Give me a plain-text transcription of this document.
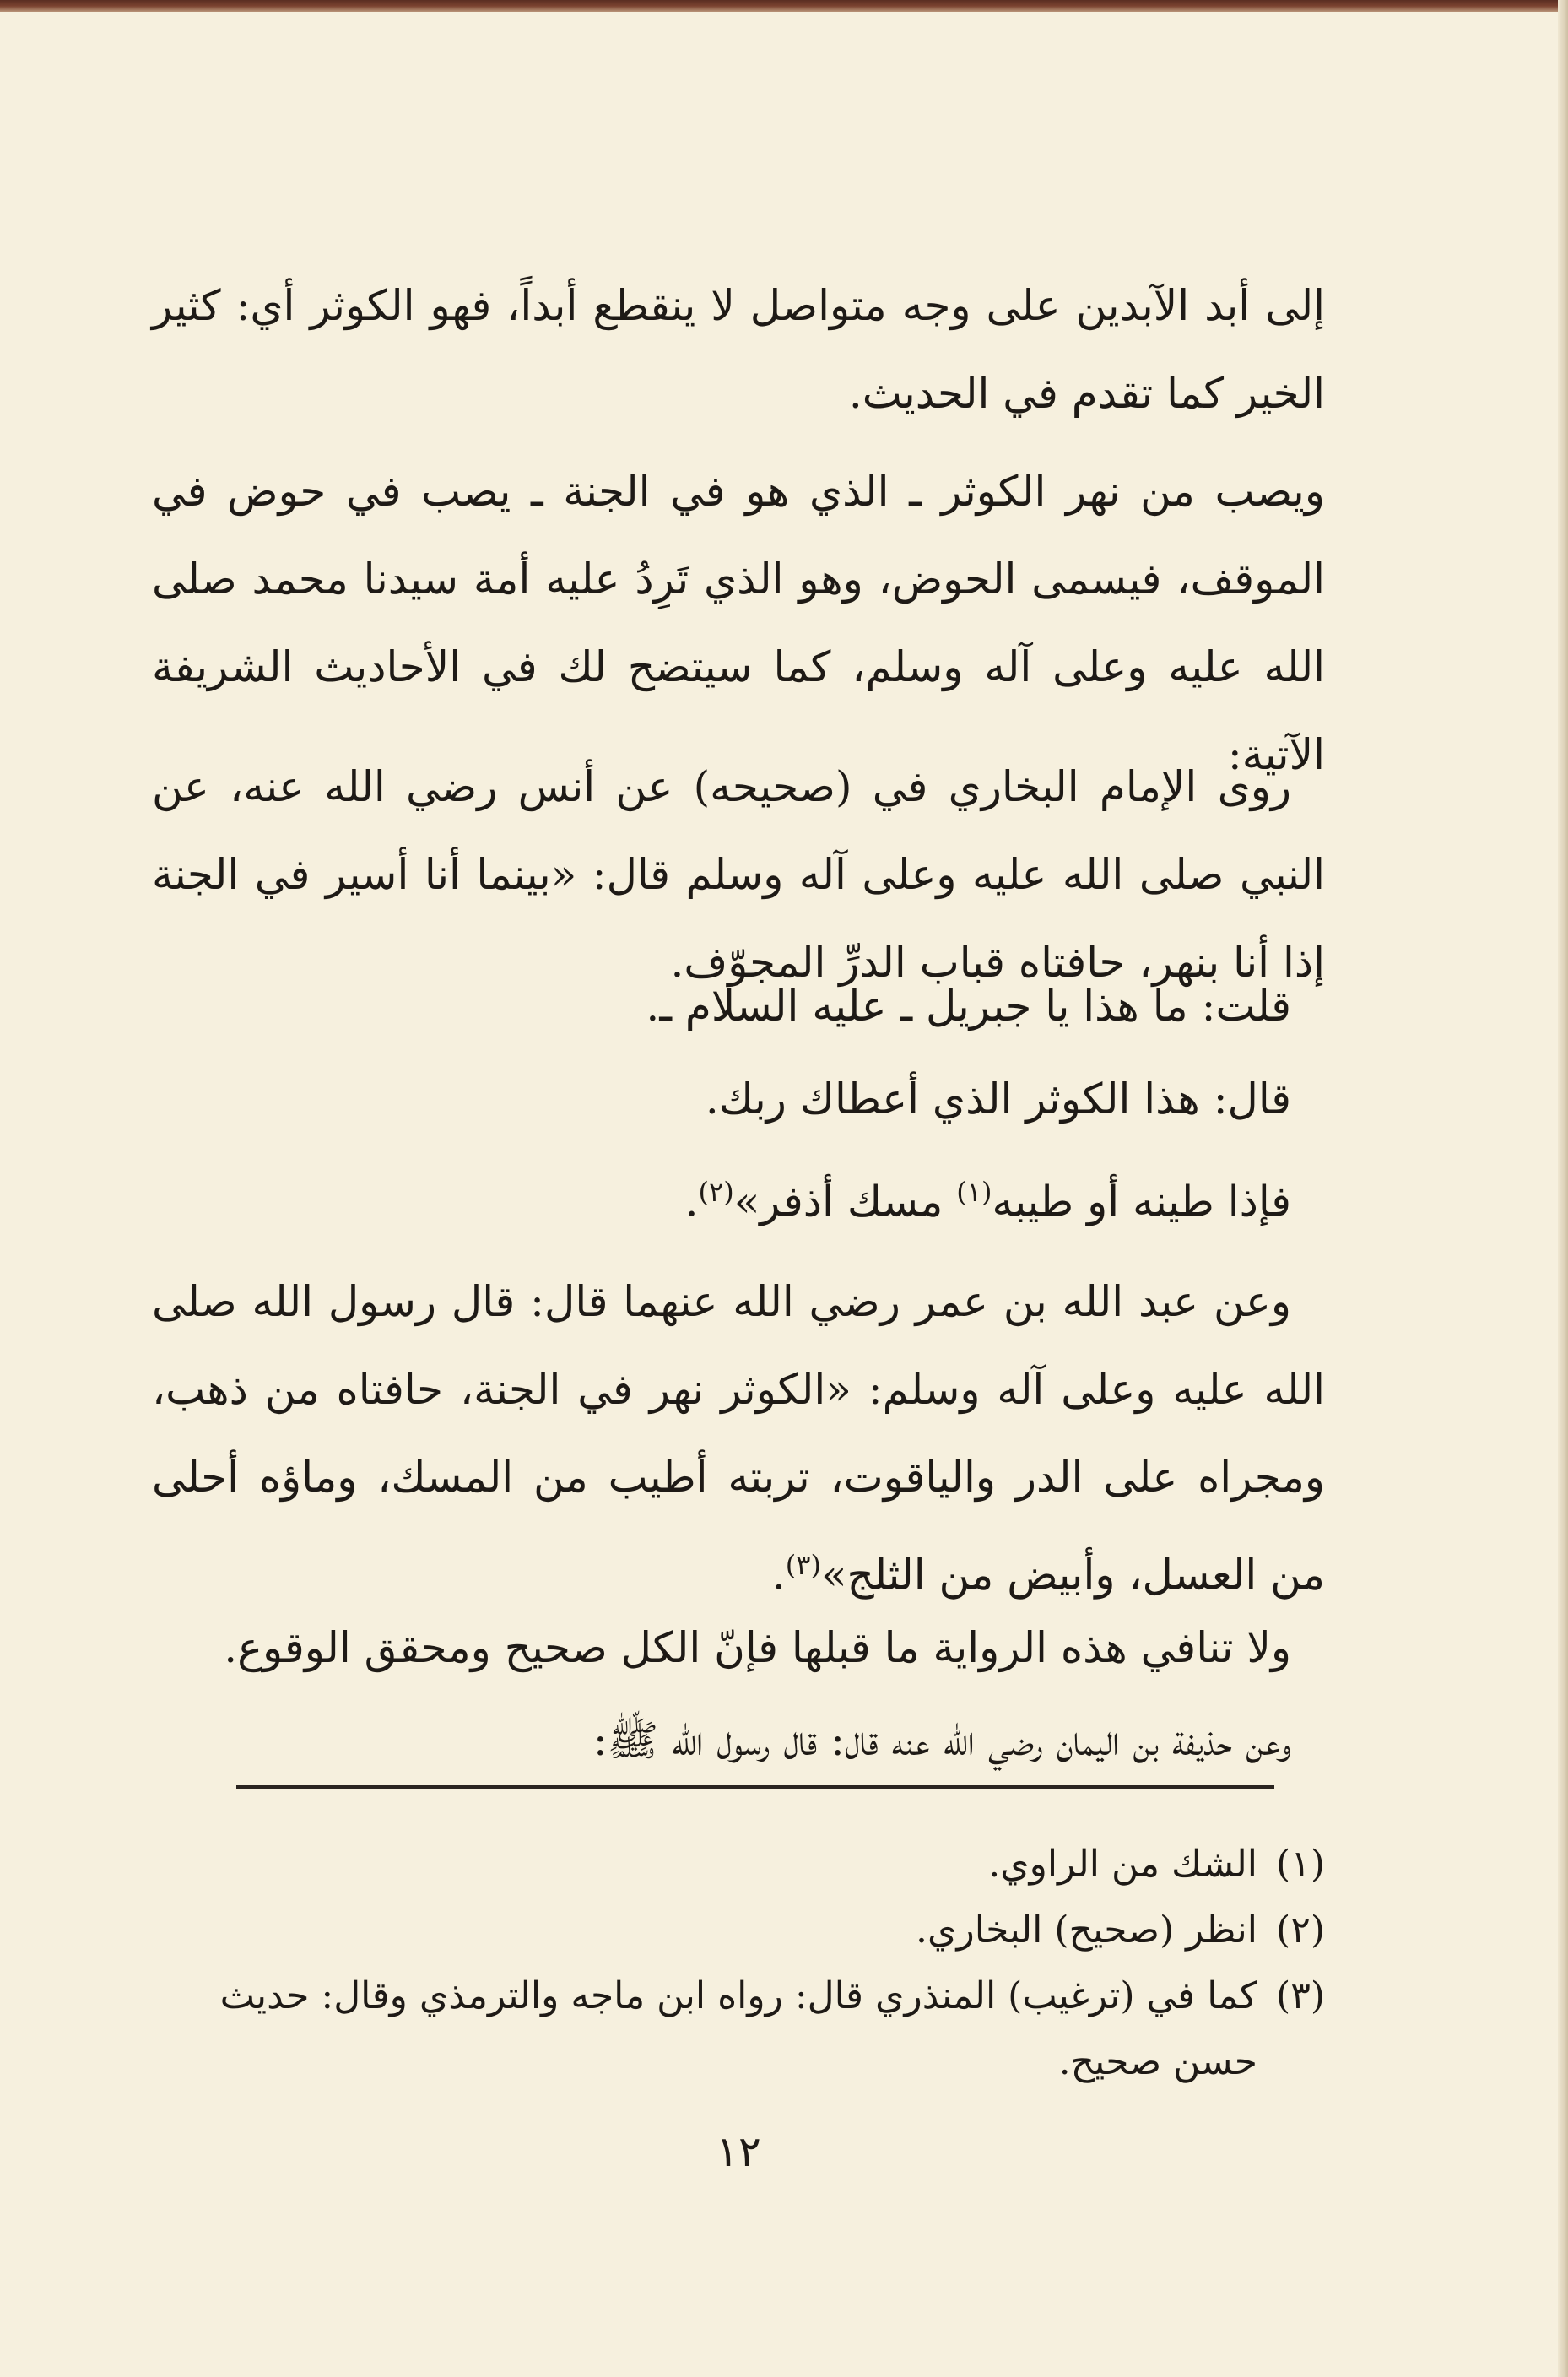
إلى أبد الآبدين على وجه متواصل لا ينقطع أبداً، فهو الكوثر أي: كثير الخير كما تقدم في الحديث.

ويصب من نهر الكوثر ـ الذي هو في الجنة ـ يصب في حوض في الموقف، فيسمى الحوض، وهو الذي تَرِدُ عليه أمة سيدنا محمد صلى الله عليه وعلى آله وسلم، كما سيتضح لك في الأحاديث الشريفة الآتية:

روى الإمام البخاري في (صحيحه) عن أنس رضي الله عنه، عن النبي صلى الله عليه وعلى آله وسلم قال: «بينما أنا أسير في الجنة إذا أنا بنهر، حافتاه قباب الدرِّ المجوّف.

قلت: ما هذا يا جبريل ـ عليه السلام ـ.

قال: هذا الكوثر الذي أعطاك ربك.

فإذا طينه أو طيبه$^{(١)}$ مسك أذفر»$^{(٢)}$.

وعن عبد الله بن عمر رضي الله عنهما قال: قال رسول الله صلى الله عليه وعلى آله وسلم: «الكوثر نهر في الجنة، حافتاه من ذهب، ومجراه على الدر والياقوت، تربته أطيب من المسك، وماؤه أحلى من العسل، وأبيض من الثلج»$^{(٣)}$.

ولا تنافي هذه الرواية ما قبلها فإنّ الكل صحيح ومحقق الوقوع.

وعن حذيفة بن اليمان رضي الله عنه قال: قال رسول الله ﷺ:

(١)الشك من الراوي.

(٢)انظر (صحيح) البخاري.

(٣)كما في (ترغيب) المنذري قال: رواه ابن ماجه والترمذي وقال: حديث حسن صحيح.

١٢
